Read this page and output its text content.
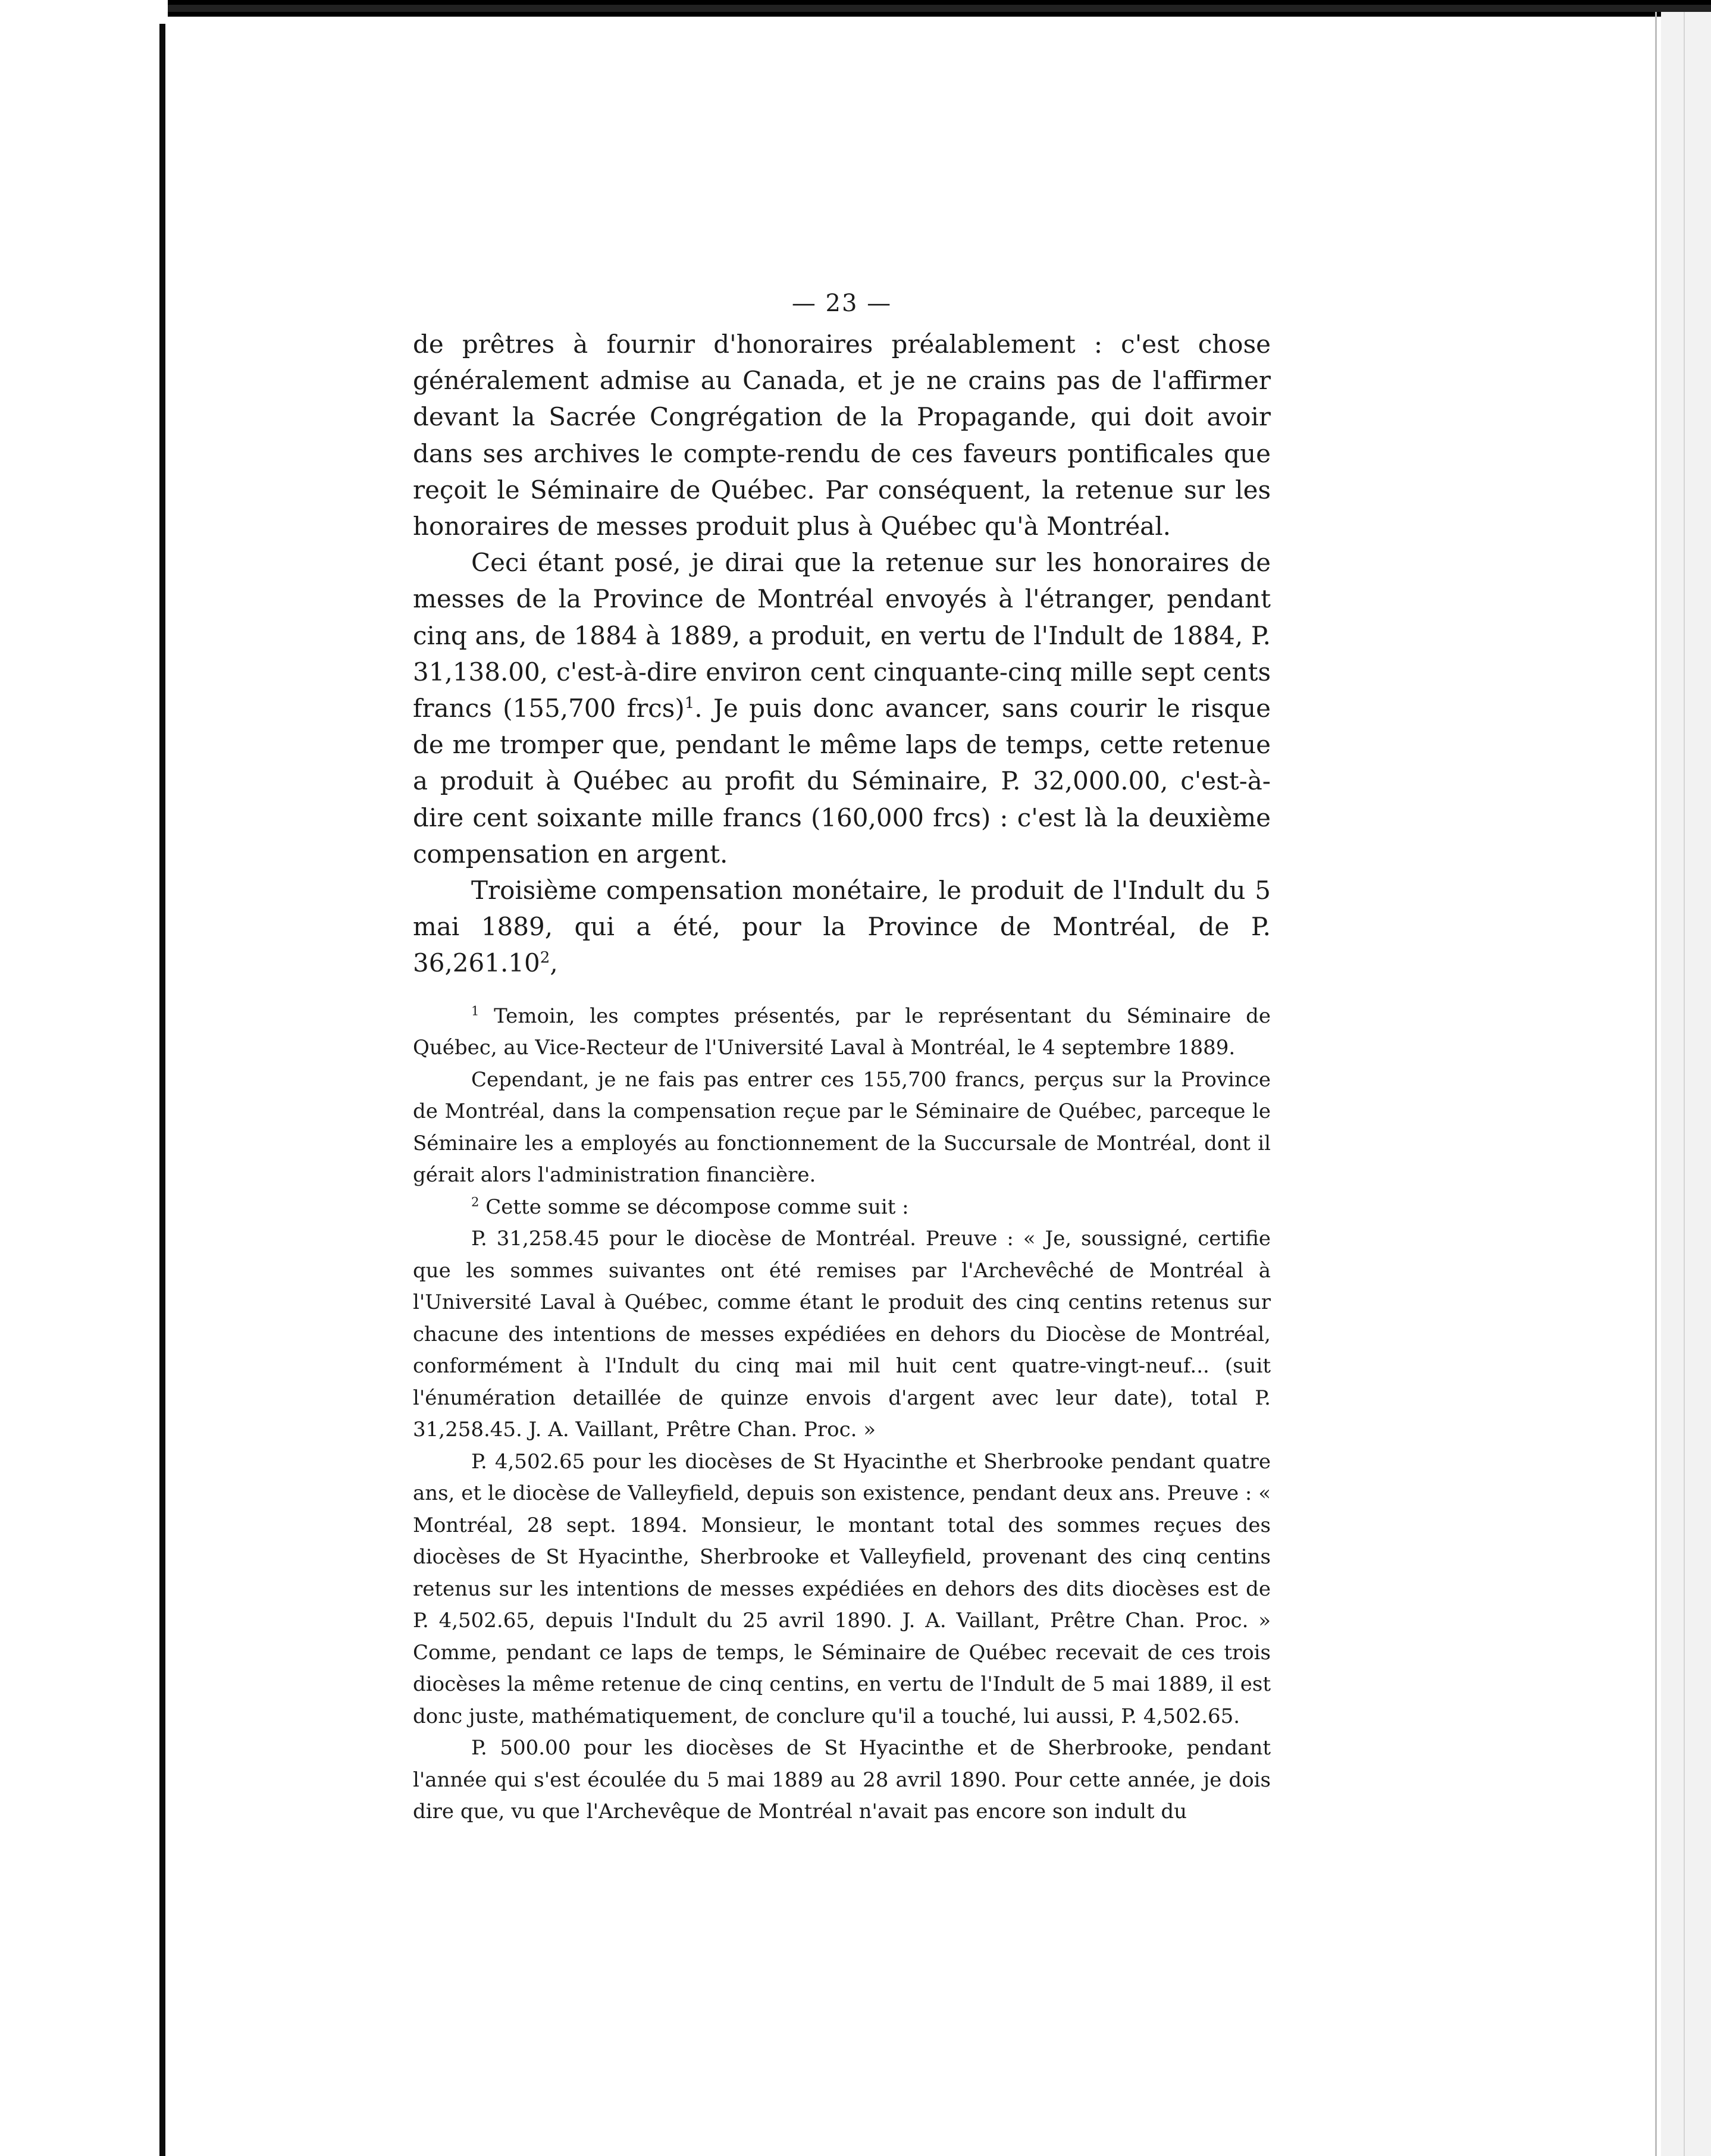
— 23 —

de prêtres à fournir d'honoraires préalablement : c'est chose généralement admise au Canada, et je ne crains pas de l'affirmer devant la Sacrée Congrégation de la Propagande, qui doit avoir dans ses archives le compte-rendu de ces faveurs pontificales que reçoit le Séminaire de Québec. Par conséquent, la retenue sur les honoraires de messes produit plus à Québec qu'à Montréal.

Ceci étant posé, je dirai que la retenue sur les honoraires de messes de la Province de Montréal envoyés à l'étranger, pendant cinq ans, de 1884 à 1889, a produit, en vertu de l'Indult de 1884, P. 31,138.00, c'est-à-dire environ cent cinquante-cinq mille sept cents francs (155,700 frcs)$^1$. Je puis donc avancer, sans courir le risque de me tromper que, pendant le même laps de temps, cette retenue a produit à Québec au profit du Séminaire, P. 32,000.00, c'est-à-dire cent soixante mille francs (160,000 frcs) : c'est là la deuxième compensation en argent.

Troisième compensation monétaire, le produit de l'Indult du 5 mai 1889, qui a été, pour la Province de Montréal, de P. 36,261.10$^2$,

$^1$ Temoin, les comptes présentés, par le représentant du Séminaire de Québec, au Vice-Recteur de l'Université Laval à Montréal, le 4 septembre 1889.

Cependant, je ne fais pas entrer ces 155,700 francs, perçus sur la Province de Montréal, dans la compensation reçue par le Séminaire de Québec, parceque le Séminaire les a employés au fonctionnement de la Succursale de Montréal, dont il gérait alors l'administration financière.

$^2$ Cette somme se décompose comme suit :

P. 31,258.45 pour le diocèse de Montréal. Preuve : « Je, soussigné, certifie que les sommes suivantes ont été remises par l'Archevêché de Montréal à l'Université Laval à Québec, comme étant le produit des cinq centins retenus sur chacune des intentions de messes expédiées en dehors du Diocèse de Montréal, conformément à l'Indult du cinq mai mil huit cent quatre-vingt-neuf... (suit l'énumération detaillée de quinze envois d'argent avec leur date), total P. 31,258.45. J. A. Vaillant, Prêtre Chan. Proc. »

P. 4,502.65 pour les diocèses de St Hyacinthe et Sherbrooke pendant quatre ans, et le diocèse de Valleyfield, depuis son existence, pendant deux ans. Preuve : « Montréal, 28 sept. 1894. Monsieur, le montant total des sommes reçues des diocèses de St Hyacinthe, Sherbrooke et Valleyfield, provenant des cinq centins retenus sur les intentions de messes expédiées en dehors des dits diocèses est de P. 4,502.65, depuis l'Indult du 25 avril 1890. J. A. Vaillant, Prêtre Chan. Proc. » Comme, pendant ce laps de temps, le Séminaire de Québec recevait de ces trois diocèses la même retenue de cinq centins, en vertu de l'Indult de 5 mai 1889, il est donc juste, mathématiquement, de conclure qu'il a touché, lui aussi, P. 4,502.65.

P. 500.00 pour les diocèses de St Hyacinthe et de Sherbrooke, pendant l'année qui s'est écoulée du 5 mai 1889 au 28 avril 1890. Pour cette année, je dois dire que, vu que l'Archevêque de Montréal n'avait pas encore son indult du
